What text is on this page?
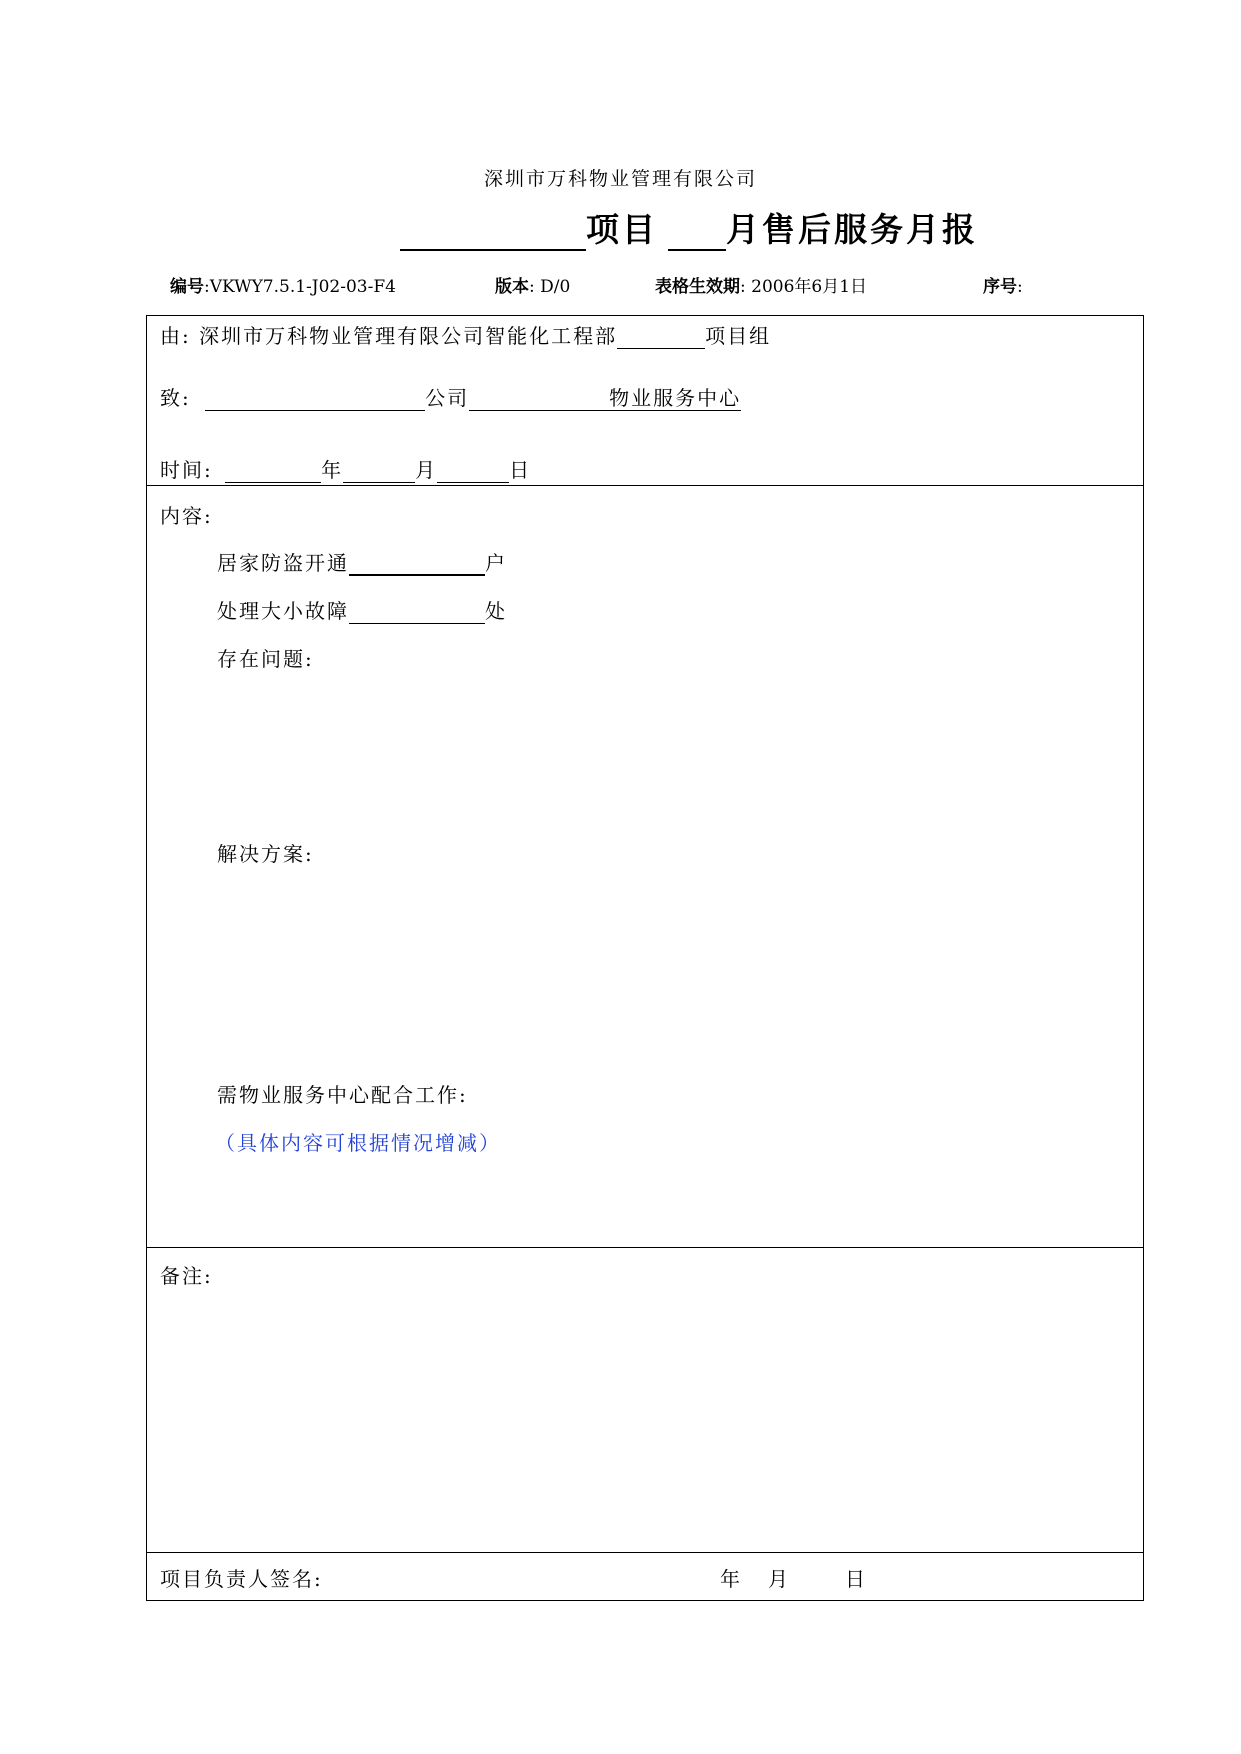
深圳市万科物业管理有限公司
项目 月售后服务月报
编号:VKWY7.5.1-J02-03-F4	版本: D/0	表格生效期: 2006年6月1日	序号:
由: 深圳市万科物业管理有限公司智能化工程部	项目组
致:	公司	物业服务中心
时间:	年	月	日
内容:
居家防盗开通	户
处理大小故障	处
存在问题:
解决方案:
需物业服务中心配合工作:
（具体内容可根据情况增减）
备注:
项目负责人签名:	年 月	日
